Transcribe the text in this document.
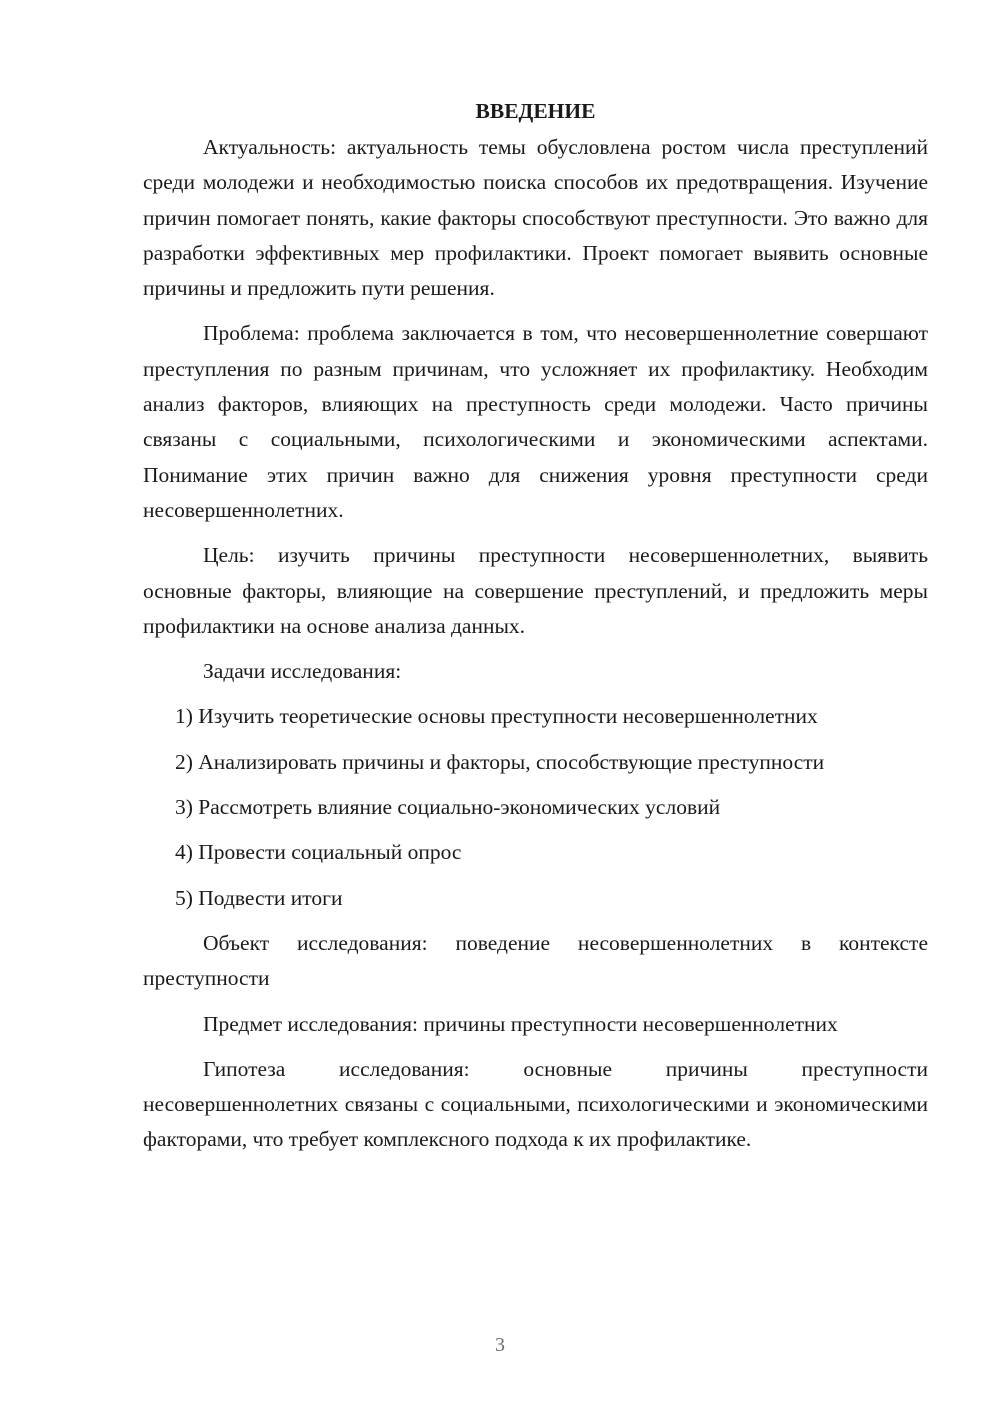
ВВЕДЕНИЕ

Актуальность: актуальность темы обусловлена ростом числа преступлений среди молодежи и необходимостью поиска способов их предотвращения. Изучение причин помогает понять, какие факторы способствуют преступности. Это важно для разработки эффективных мер профилактики. Проект помогает выявить основные причины и предложить пути решения.

Проблема: проблема заключается в том, что несовершеннолетние совершают преступления по разным причинам, что усложняет их профилактику. Необходим анализ факторов, влияющих на преступность среди молодежи. Часто причины связаны с социальными, психологическими и экономическими аспектами. Понимание этих причин важно для снижения уровня преступности среди несовершеннолетних.

Цель: изучить причины преступности несовершеннолетних, выявить основные факторы, влияющие на совершение преступлений, и предложить меры профилактики на основе анализа данных.

Задачи исследования:
1) Изучить теоретические основы преступности несовершеннолетних
2) Анализировать причины и факторы, способствующие преступности
3) Рассмотреть влияние социально-экономических условий
4) Провести социальный опрос
5) Подвести итоги

Объект исследования: поведение несовершеннолетних в контексте преступности

Предмет исследования: причины преступности несовершеннолетних

Гипотеза исследования: основные причины преступности несовершеннолетних связаны с социальными, психологическими и экономическими факторами, что требует комплексного подхода к их профилактике.

3
